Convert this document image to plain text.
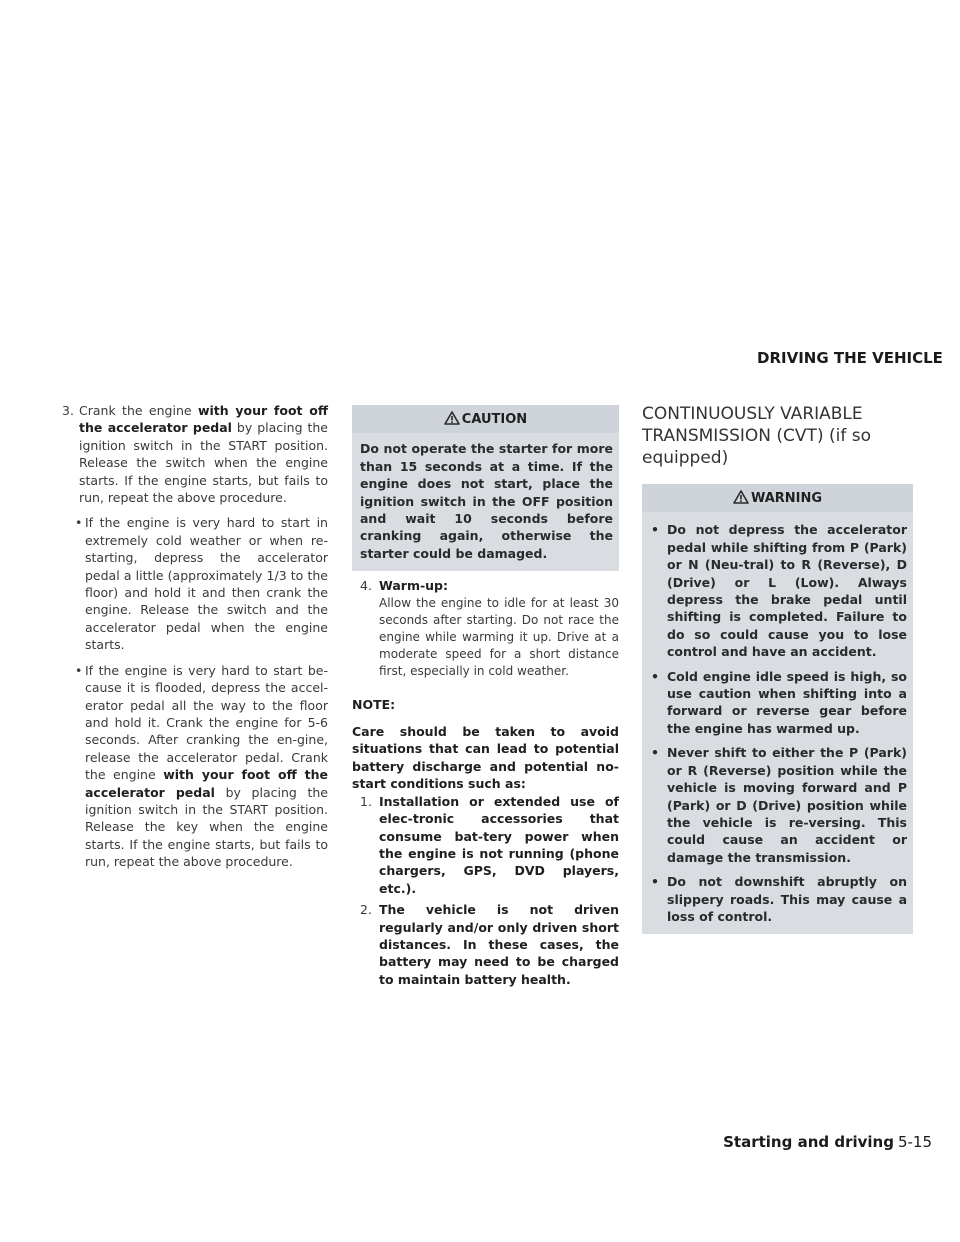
DRIVING THE VEHICLE
3. Crank the engine with your foot off the accelerator pedal by placing the ignition switch in the START position. Release the switch when the engine starts. If the engine starts, but fails to run, repeat the above procedure.
• If the engine is very hard to start in extremely cold weather or when re-starting, depress the accelerator pedal a little (approximately 1/3 to the floor) and hold it and then crank the engine. Release the switch and the accelerator pedal when the engine starts.
• If the engine is very hard to start be-cause it is flooded, depress the accel-erator pedal all the way to the floor and hold it. Crank the engine for 5-6 seconds. After cranking the en-gine, release the accelerator pedal. Crank the engine with your foot off the accelerator pedal by placing the ignition switch in the START position. Release the key when the engine starts. If the engine starts, but fails to run, repeat the above procedure.
CAUTION
Do not operate the starter for more than 15 seconds at a time. If the engine does not start, place the ignition switch in the OFF position and wait 10 seconds before cranking again, otherwise the starter could be damaged.
4. Warm-up:
Allow the engine to idle for at least 30 seconds after starting. Do not race the engine while warming it up. Drive at a moderate speed for a short distance first, especially in cold weather.
NOTE:
Care should be taken to avoid situations that can lead to potential battery discharge and potential no-start conditions such as:
1. Installation or extended use of elec-tronic accessories that consume bat-tery power when the engine is not running (phone chargers, GPS, DVD players, etc.).
2. The vehicle is not driven regularly and/or only driven short distances. In these cases, the battery may need to be charged to maintain battery health.
CONTINUOUSLY VARIABLE TRANSMISSION (CVT) (if so equipped)
WARNING
• Do not depress the accelerator pedal while shifting from P (Park) or N (Neu-tral) to R (Reverse), D (Drive) or L (Low). Always depress the brake pedal until shifting is completed. Failure to do so could cause you to lose control and have an accident.
• Cold engine idle speed is high, so use caution when shifting into a forward or reverse gear before the engine has warmed up.
• Never shift to either the P (Park) or R (Reverse) position while the vehicle is moving forward and P (Park) or D (Drive) position while the vehicle is re-versing. This could cause an accident or damage the transmission.
• Do not downshift abruptly on slippery roads. This may cause a loss of control.
Starting and driving 5-15
